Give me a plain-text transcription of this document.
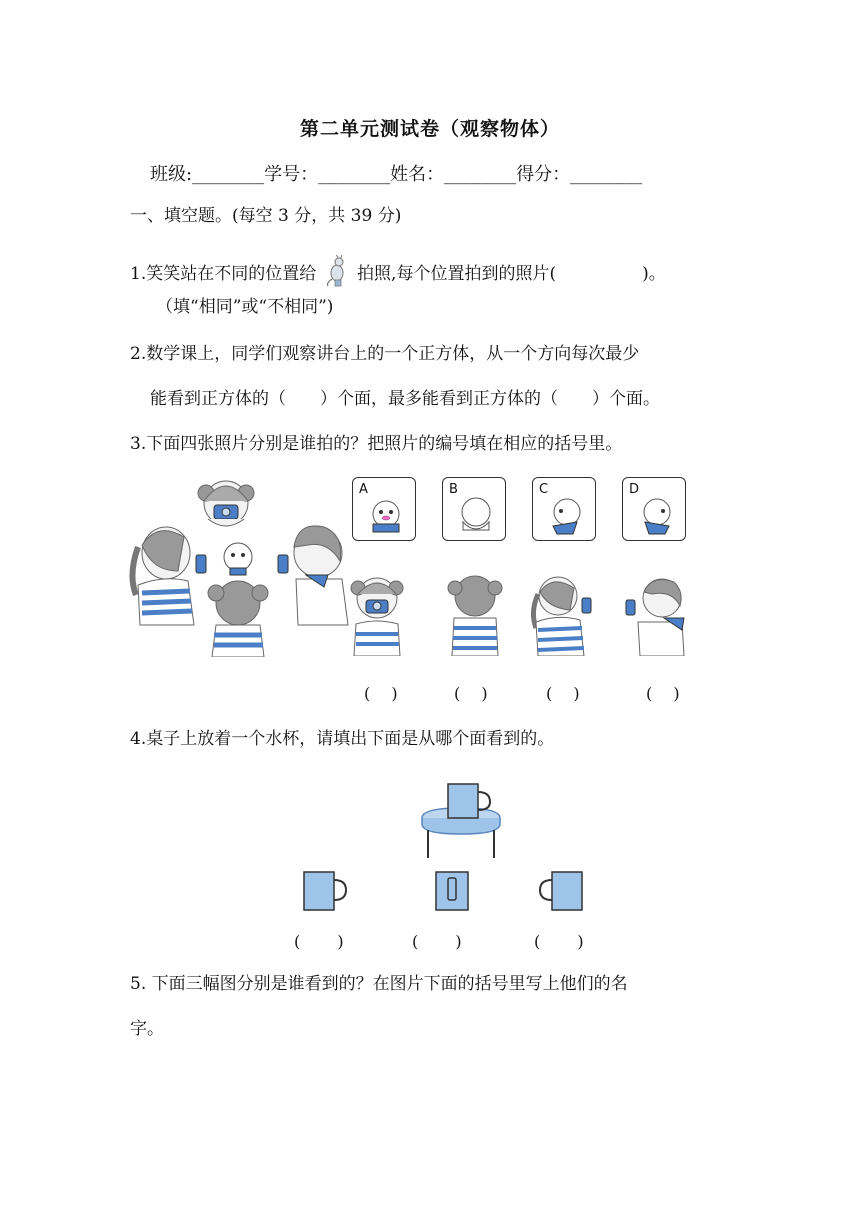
第二单元测试卷（观察物体）
班级:________学号：________姓名：________得分：________
一、填空题。(每空 3 分，共 39 分)
1.笑笑站在不同的位置给 拍照,每个位置拍到的照片(	)。
（填“相同”或“不相同”)
2.数学课上，同学们观察讲台上的一个正方体，从一个方向每次最少
能看到正方体的（　　）个面，最多能看到正方体的（　　）个面。
3.下面四张照片分别是谁拍的？把照片的编号填在相应的括号里。
A	B	C	D
(　 )	(　 )	(　 )	(　 )
4.桌子上放着一个水杯，请填出下面是从哪个面看到的。
(　　 )	(　　 )	(　　 )
5. 下面三幅图分别是谁看到的？在图片下面的括号里写上他们的名
字。
